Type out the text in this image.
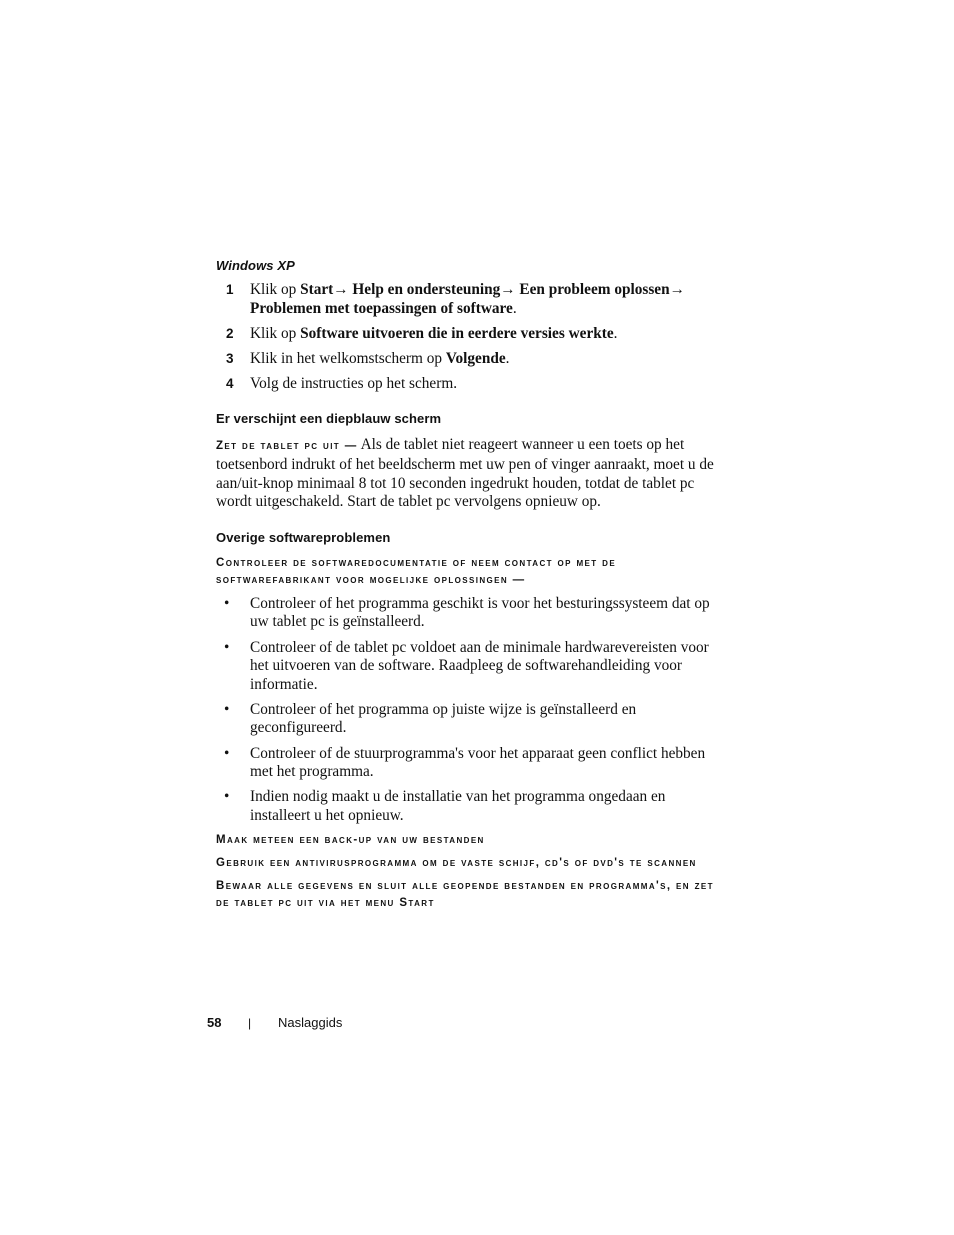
Windows XP
1 Klik op Start→ Help en ondersteuning→ Een probleem oplossen→ Problemen met toepassingen of software.
2 Klik op Software uitvoeren die in eerdere versies werkte.
3 Klik in het welkomstscherm op Volgende.
4 Volg de instructies op het scherm.
Er verschijnt een diepblauw scherm

Zet de tablet pc uit — Als de tablet niet reageert wanneer u een toets op het toetsenbord indrukt of het beeldscherm met uw pen of vinger aanraakt, moet u de aan/uit-knop minimaal 8 tot 10 seconden ingedrukt houden, totdat de tablet pc wordt uitgeschakeld. Start de tablet pc vervolgens opnieuw op.

Overige softwareproblemen

Controleer de softwaredocumentatie of neem contact op met de softwarefabrikant voor mogelijke oplossingen —

• Controleer of het programma geschikt is voor het besturingssysteem dat op uw tablet pc is geïnstalleerd.
• Controleer of de tablet pc voldoet aan de minimale hardwarevereisten voor het uitvoeren van de software. Raadpleeg de softwarehandleiding voor informatie.
• Controleer of het programma op juiste wijze is geïnstalleerd en geconfigureerd.
• Controleer of de stuurprogramma's voor het apparaat geen conflict hebben met het programma.
• Indien nodig maakt u de installatie van het programma ongedaan en installeert u het opnieuw.

Maak meteen een back-up van uw bestanden

Gebruik een antivirusprogramma om de vaste schijf, cd's of dvd's te scannen

Bewaar alle gegevens en sluit alle geopende bestanden en programma's, en zet de tablet pc uit via het menu Start

58 | Naslaggids
